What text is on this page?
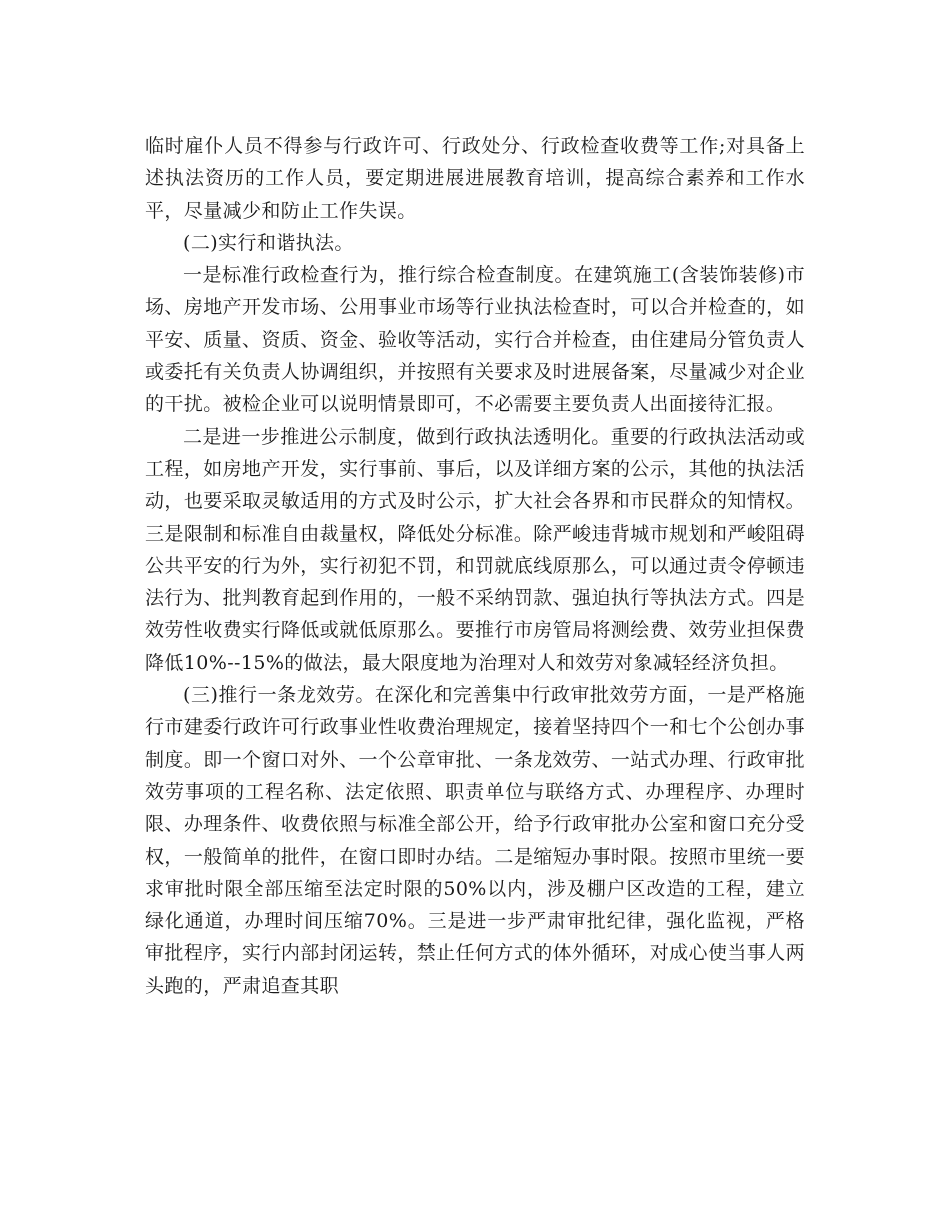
临时雇仆人员不得参与行政许可、行政处分、行政检查收费等工作;对具备上述执法资历的工作人员，要定期进展进展教育培训，提高综合素养和工作水平，尽量减少和防止工作失误。

(二)实行和谐执法。

一是标准行政检查行为，推行综合检查制度。在建筑施工(含装饰装修)市场、房地产开发市场、公用事业市场等行业执法检查时，可以合并检查的，如平安、质量、资质、资金、验收等活动，实行合并检查，由住建局分管负责人或委托有关负责人协调组织，并按照有关要求及时进展备案，尽量减少对企业的干扰。被检企业可以说明情景即可，不必需要主要负责人出面接待汇报。

二是进一步推进公示制度，做到行政执法透明化。重要的行政执法活动或工程，如房地产开发，实行事前、事后，以及详细方案的公示，其他的执法活动，也要采取灵敏适用的方式及时公示，扩大社会各界和市民群众的知情权。三是限制和标准自由裁量权，降低处分标准。除严峻违背城市规划和严峻阻碍公共平安的行为外，实行初犯不罚，和罚就底线原那么，可以通过责令停顿违法行为、批判教育起到作用的，一般不采纳罚款、强迫执行等执法方式。四是效劳性收费实行降低或就低原那么。要推行市房管局将测绘费、效劳业担保费降低10%--15%的做法，最大限度地为治理对人和效劳对象减轻经济负担。

(三)推行一条龙效劳。在深化和完善集中行政审批效劳方面，一是严格施行市建委行政许可行政事业性收费治理规定，接着坚持四个一和七个公创办事制度。即一个窗口对外、一个公章审批、一条龙效劳、一站式办理、行政审批效劳事项的工程名称、法定依照、职责单位与联络方式、办理程序、办理时限、办理条件、收费依照与标准全部公开，给予行政审批办公室和窗口充分受权，一般简单的批件，在窗口即时办结。二是缩短办事时限。按照市里统一要求审批时限全部压缩至法定时限的50%以内，涉及棚户区改造的工程，建立绿化通道，办理时间压缩70%。三是进一步严肃审批纪律，强化监视，严格审批程序，实行内部封闭运转，禁止任何方式的体外循环，对成心使当事人两头跑的，严肃追查其职
